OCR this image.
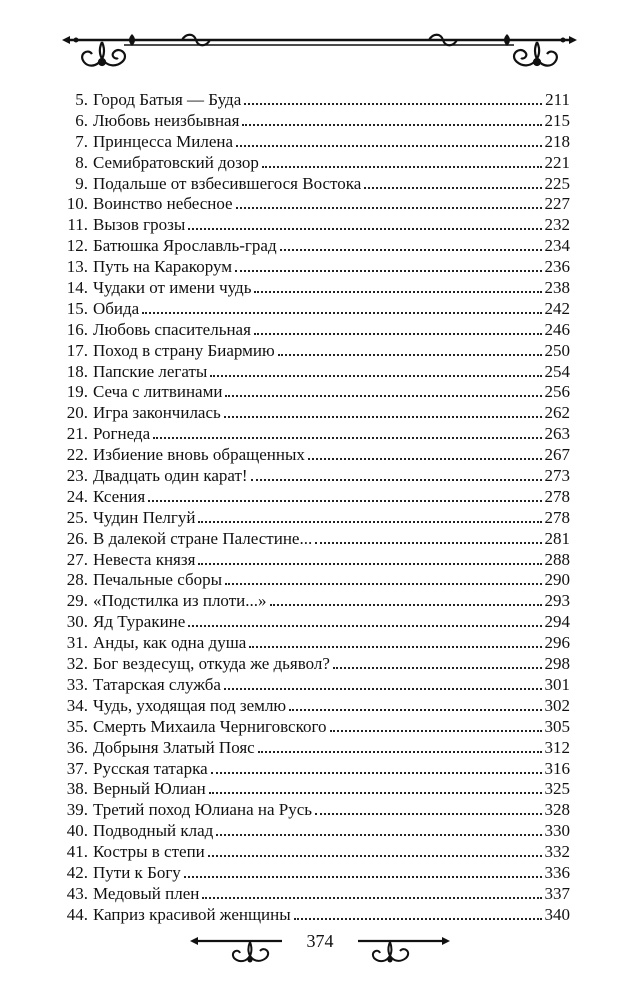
5. Город Батыя — Буда	211
6. Любовь неизбывная	215
7. Принцесса Милена	218
8. Семибратовский дозор	221
9. Подальше от взбесившегося Востока	225
10. Воинство небесное	227
11. Вызов грозы	232
12. Батюшка Ярославль-град	234
13. Путь на Каракорум	236
14. Чудаки от имени чудь	238
15. Обида	242
16. Любовь спасительная	246
17. Поход в страну Биармию	250
18. Папские легаты	254
19. Сеча с литвинами	256
20. Игра закончилась	262
21. Рогнеда	263
22. Избиение вновь обращенных	267
23. Двадцать один карат!	273
24. Ксения	278
25. Чудин Пелгуй	278
26. В далекой стране Палестине...	281
27. Невеста князя	288
28. Печальные сборы	290
29. «Подстилка из плоти...»	293
30. Яд Туракине	294
31. Анды, как одна душа	296
32. Бог вездесущ, откуда же дьявол?	298
33. Татарская служба	301
34. Чудь, уходящая под землю	302
35. Смерть Михаила Черниговского	305
36. Добрыня Златый Пояс	312
37. Русская татарка	316
38. Верный Юлиан	325
39. Третий поход Юлиана на Русь	328
40. Подводный клад	330
41. Костры в степи	332
42. Пути к Богу	336
43. Медовый плен	337
44. Каприз красивой женщины	340
374
